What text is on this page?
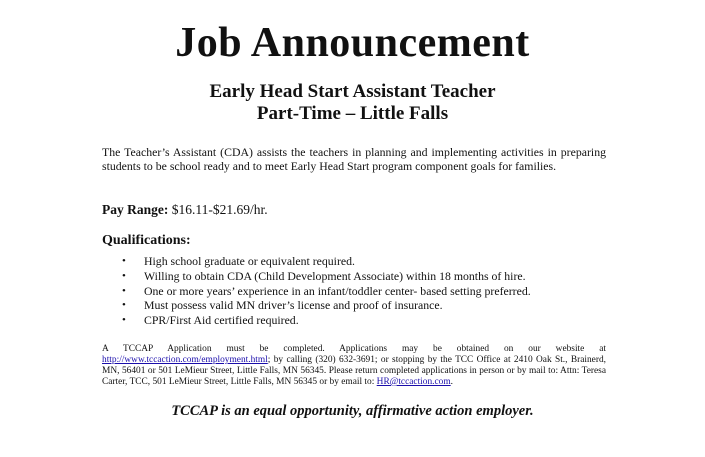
Job Announcement
Early Head Start Assistant Teacher
Part-Time – Little Falls
The Teacher’s Assistant (CDA) assists the teachers in planning and implementing activities in preparing students to be school ready and to meet Early Head Start program component goals for families.
Pay Range: $16.11-$21.69/hr.
Qualifications:
• High school graduate or equivalent required.
• Willing to obtain CDA (Child Development Associate) within 18 months of hire.
• One or more years’ experience in an infant/toddler center- based setting preferred.
• Must possess valid MN driver’s license and proof of insurance.
• CPR/First Aid certified required.
A TCCAP Application must be completed. Applications may be obtained on our website at http://www.tccaction.com/employment.html; by calling (320) 632-3691; or stopping by the TCC Office at 2410 Oak St., Brainerd, MN, 56401 or 501 LeMieur Street, Little Falls, MN 56345. Please return completed applications in person or by mail to: Attn: Teresa Carter, TCC, 501 LeMieur Street, Little Falls, MN 56345 or by email to: HR@tccaction.com.
TCCAP is an equal opportunity, affirmative action employer.
